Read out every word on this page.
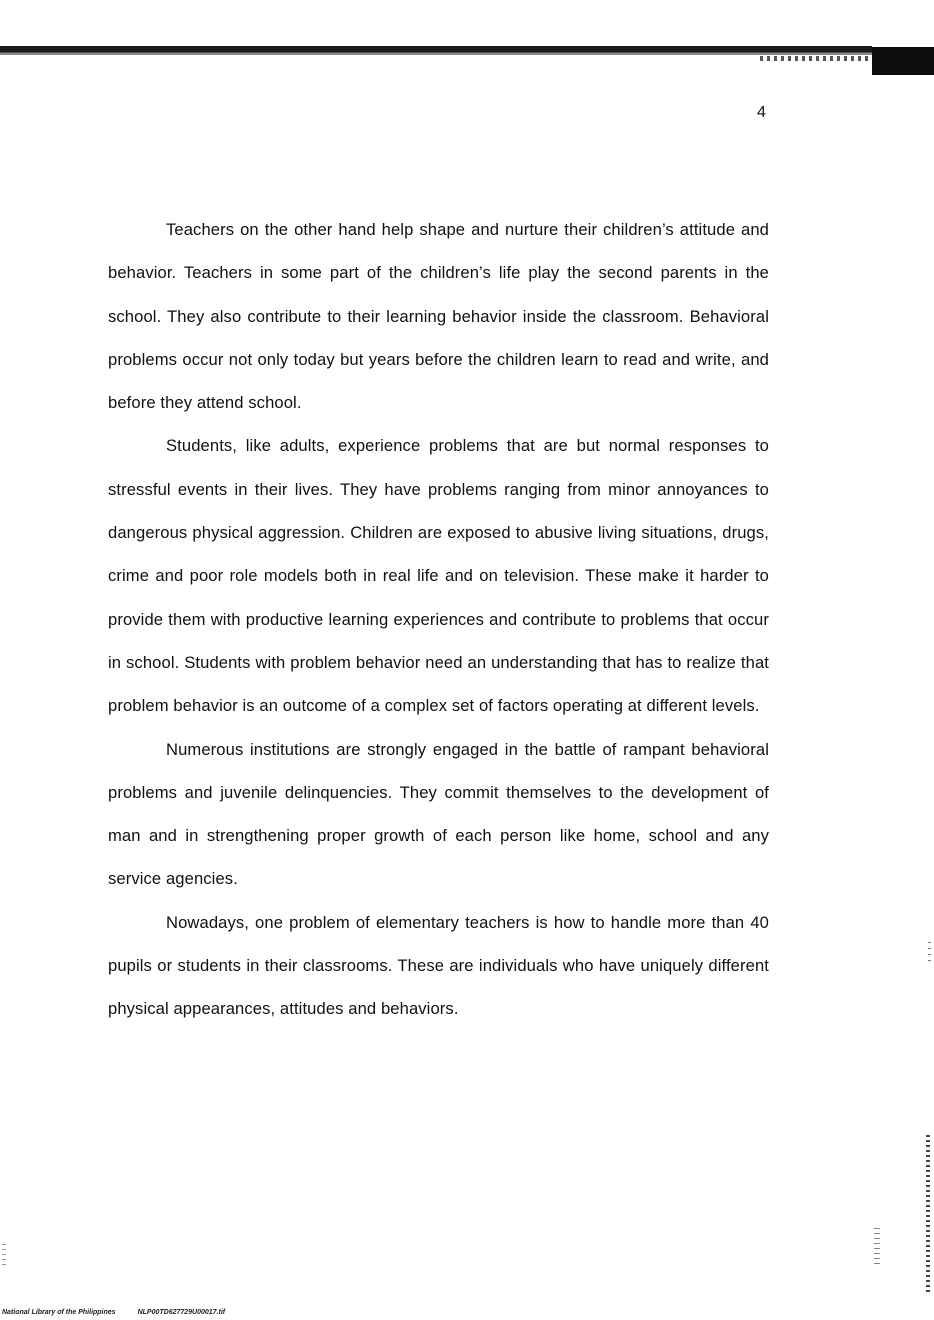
4

Teachers on the other hand help shape and nurture their children’s attitude and behavior. Teachers in some part of the children’s life play the second parents in the school. They also contribute to their learning behavior inside the classroom. Behavioral problems occur not only today but years before the children learn to read and write, and before they attend school.

Students, like adults, experience problems that are but normal responses to stressful events in their lives. They have problems ranging from minor annoyances to dangerous physical aggression. Children are exposed to abusive living situations, drugs, crime and poor role models both in real life and on television. These make it harder to provide them with productive learning experiences and contribute to problems that occur in school. Students with problem behavior need an understanding that has to realize that problem behavior is an outcome of a complex set of factors operating at different levels.

Numerous institutions are strongly engaged in the battle of rampant behavioral problems and juvenile delinquencies. They commit themselves to the development of man and in strengthening proper growth of each person like home, school and any service agencies.

Nowadays, one problem of elementary teachers is how to handle more than 40 pupils or students in their classrooms. These are individuals who have uniquely different physical appearances, attitudes and behaviors.

National Library of the Philippines	NLP00TD627729U00017.tif
